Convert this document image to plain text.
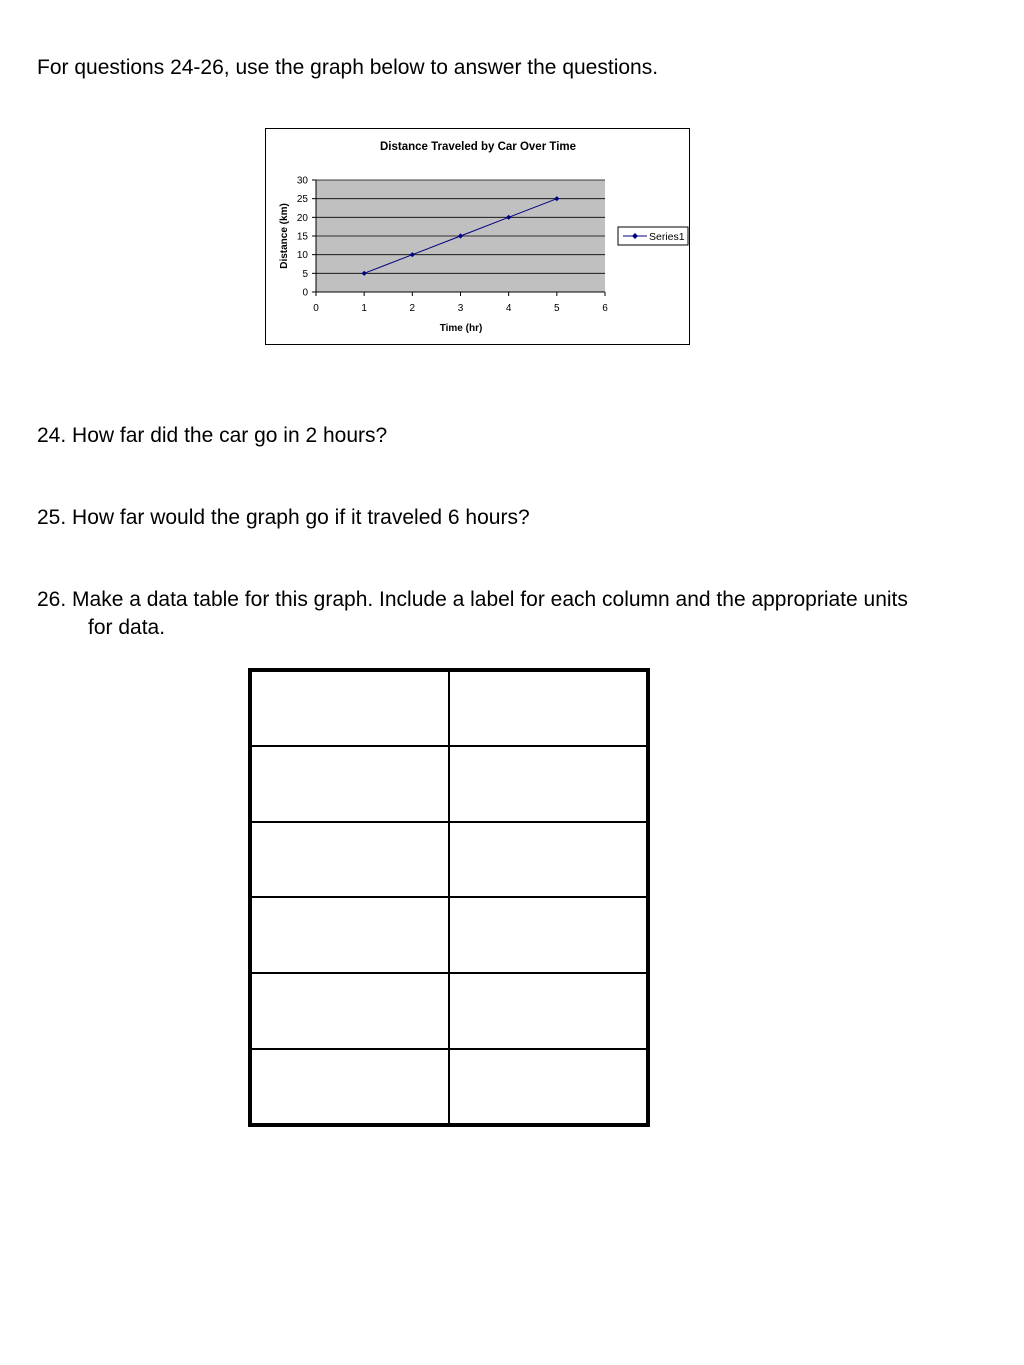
For questions 24-26, use the graph below to answer the questions.
Distance Traveled by Car Over Time
0	1	2	3	4	5	6
0
5
10
15
20
25
30
Time (hr)
Distance (km)	Series1
24. How far did the car go in 2 hours?
25. How far would the graph go if it traveled 6 hours?
26. Make a data table for this graph. Include a label for each column and the appropriate units
for data.
